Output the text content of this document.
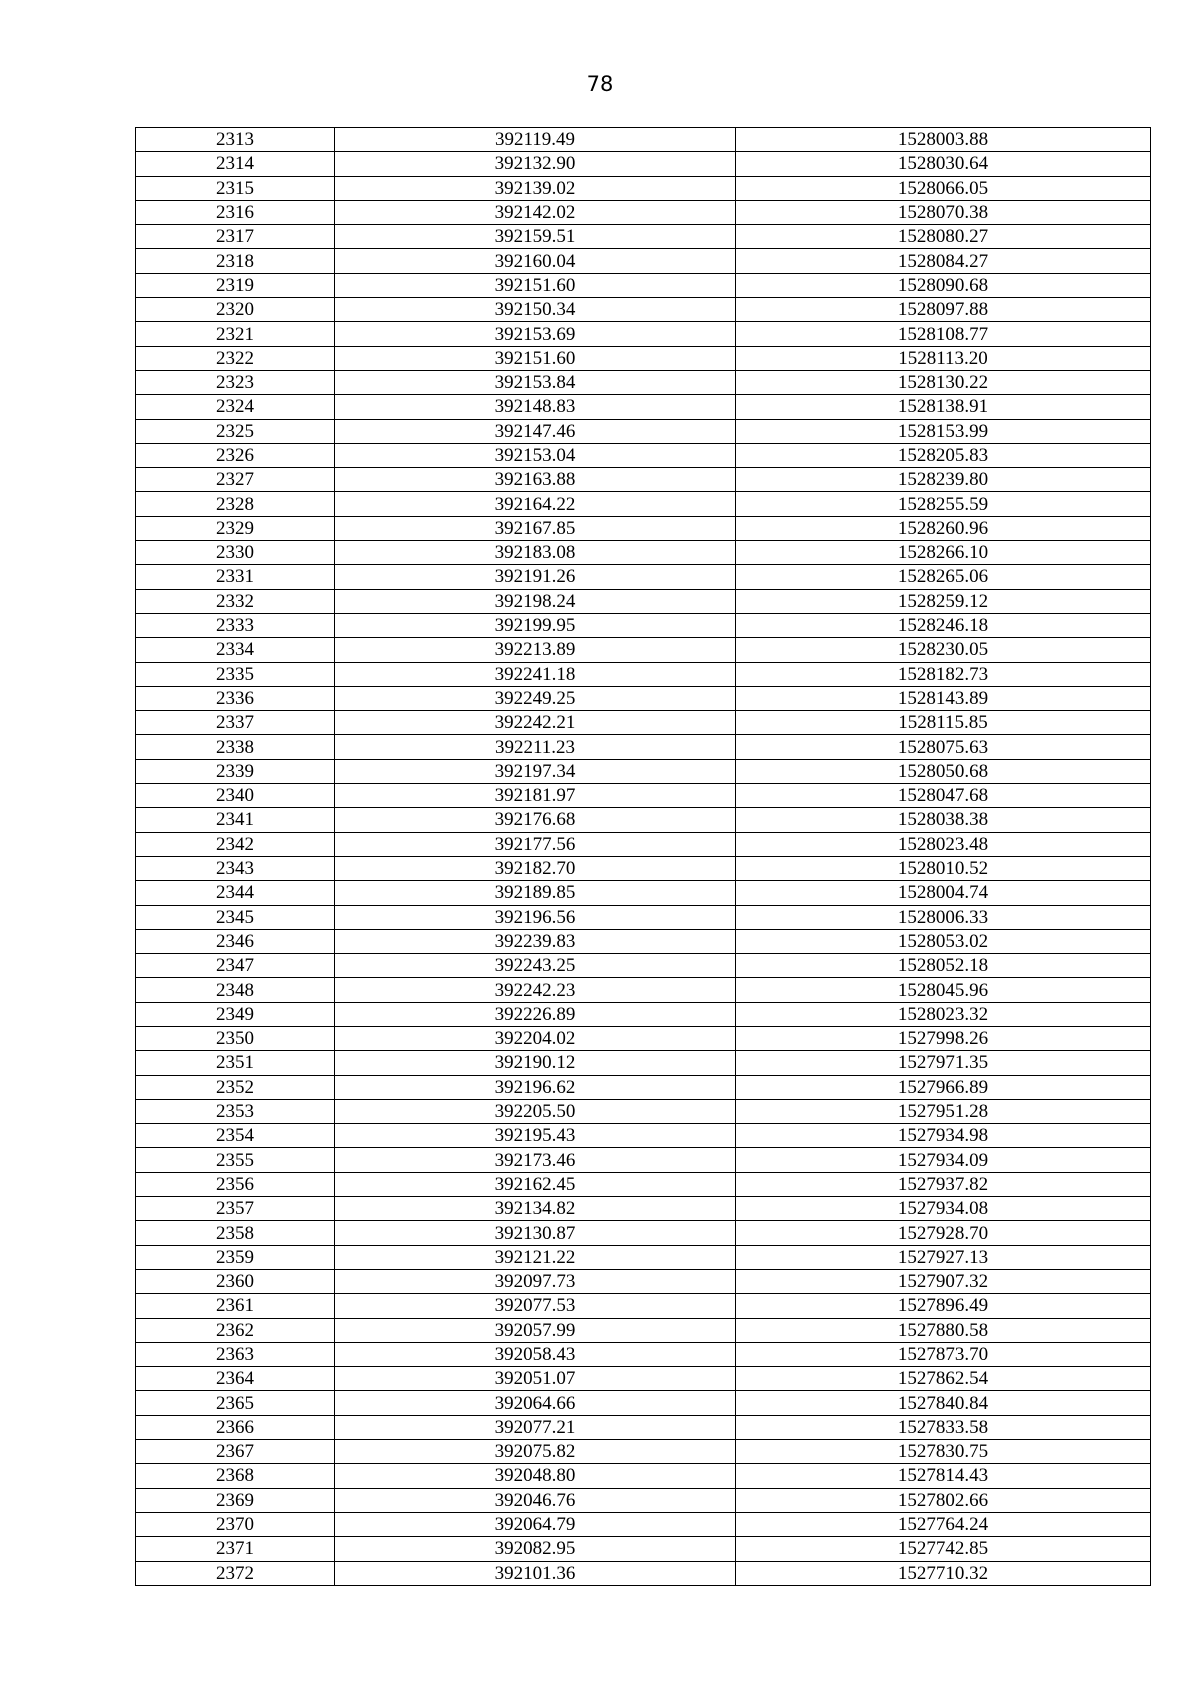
78
2313	392119.49	1528003.88
2314	392132.90	1528030.64
2315	392139.02	1528066.05
2316	392142.02	1528070.38
2317	392159.51	1528080.27
2318	392160.04	1528084.27
2319	392151.60	1528090.68
2320	392150.34	1528097.88
2321	392153.69	1528108.77
2322	392151.60	1528113.20
2323	392153.84	1528130.22
2324	392148.83	1528138.91
2325	392147.46	1528153.99
2326	392153.04	1528205.83
2327	392163.88	1528239.80
2328	392164.22	1528255.59
2329	392167.85	1528260.96
2330	392183.08	1528266.10
2331	392191.26	1528265.06
2332	392198.24	1528259.12
2333	392199.95	1528246.18
2334	392213.89	1528230.05
2335	392241.18	1528182.73
2336	392249.25	1528143.89
2337	392242.21	1528115.85
2338	392211.23	1528075.63
2339	392197.34	1528050.68
2340	392181.97	1528047.68
2341	392176.68	1528038.38
2342	392177.56	1528023.48
2343	392182.70	1528010.52
2344	392189.85	1528004.74
2345	392196.56	1528006.33
2346	392239.83	1528053.02
2347	392243.25	1528052.18
2348	392242.23	1528045.96
2349	392226.89	1528023.32
2350	392204.02	1527998.26
2351	392190.12	1527971.35
2352	392196.62	1527966.89
2353	392205.50	1527951.28
2354	392195.43	1527934.98
2355	392173.46	1527934.09
2356	392162.45	1527937.82
2357	392134.82	1527934.08
2358	392130.87	1527928.70
2359	392121.22	1527927.13
2360	392097.73	1527907.32
2361	392077.53	1527896.49
2362	392057.99	1527880.58
2363	392058.43	1527873.70
2364	392051.07	1527862.54
2365	392064.66	1527840.84
2366	392077.21	1527833.58
2367	392075.82	1527830.75
2368	392048.80	1527814.43
2369	392046.76	1527802.66
2370	392064.79	1527764.24
2371	392082.95	1527742.85
2372	392101.36	1527710.32
